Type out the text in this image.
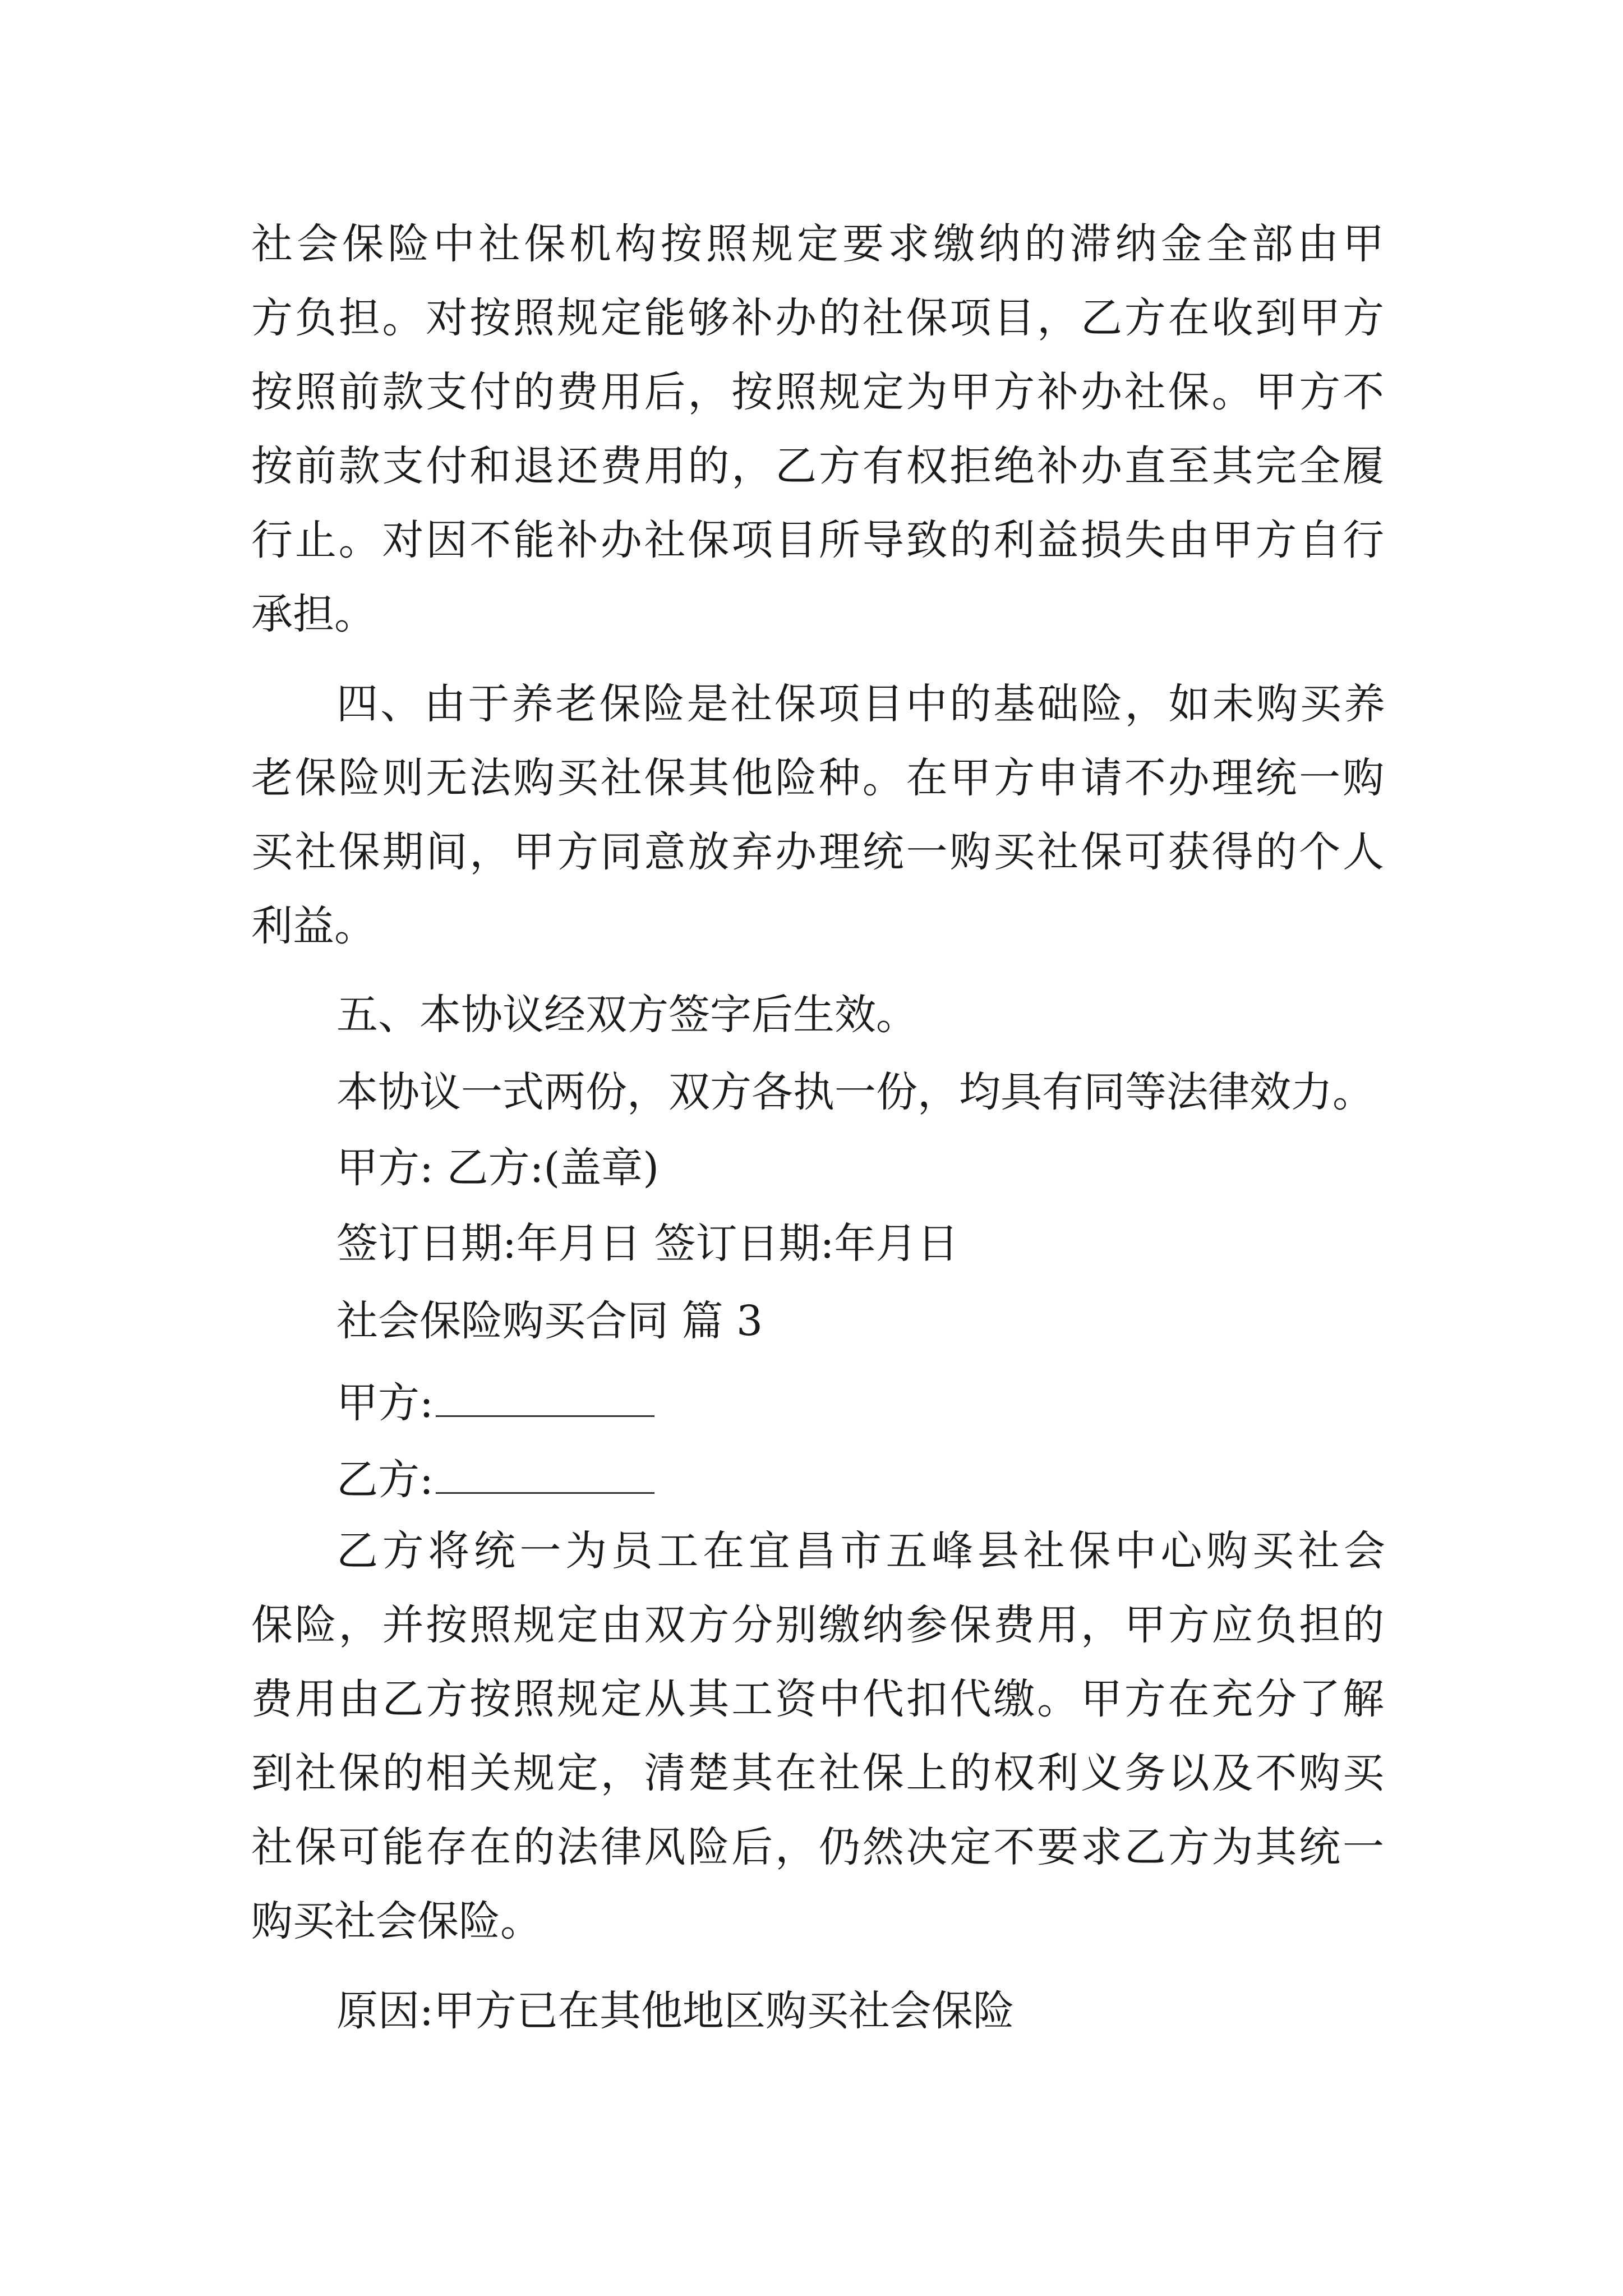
社会保险中社保机构按照规定要求缴纳的滞纳金全部由甲
方负担。对按照规定能够补办的社保项目，乙方在收到甲方
按照前款支付的费用后，按照规定为甲方补办社保。甲方不
按前款支付和退还费用的，乙方有权拒绝补办直至其完全履
行止。对因不能补办社保项目所导致的利益损失由甲方自行
承担。
四、由于养老保险是社保项目中的基础险，如未购买养
老保险则无法购买社保其他险种。在甲方申请不办理统一购
买社保期间，甲方同意放弃办理统一购买社保可获得的个人
利益。
五、本协议经双方签字后生效。
本协议一式两份，双方各执一份，均具有同等法律效力。
甲方: 乙方:(盖章)
签订日期:年月日 签订日期:年月日
社会保险购买合同 篇 3
甲方:
乙方:
乙方将统一为员工在宜昌市五峰县社保中心购买社会
保险，并按照规定由双方分别缴纳参保费用，甲方应负担的
费用由乙方按照规定从其工资中代扣代缴。甲方在充分了解
到社保的相关规定，清楚其在社保上的权利义务以及不购买
社保可能存在的法律风险后，仍然决定不要求乙方为其统一
购买社会保险。
原因:甲方已在其他地区购买社会保险
